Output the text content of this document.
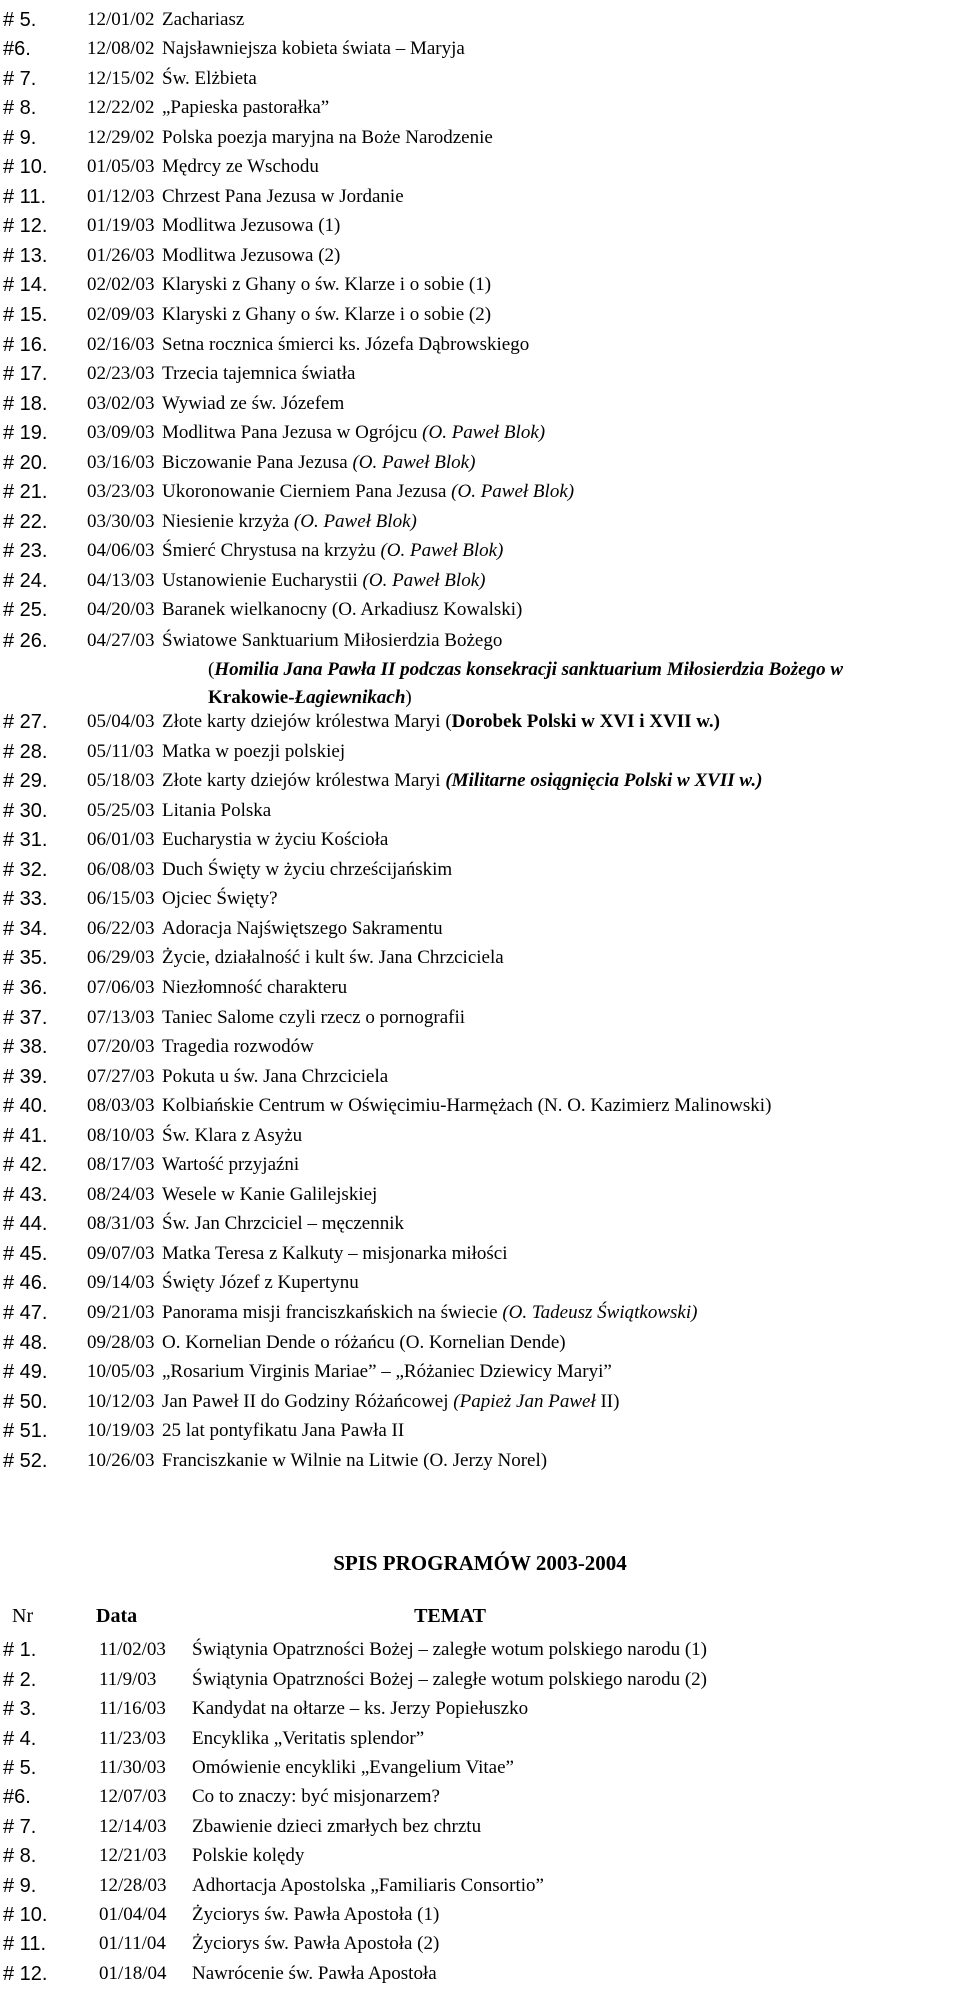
# 5.	12/01/02 Zachariasz
#6.	12/08/02 Najsławniejsza kobieta świata – Maryja
# 7.	12/15/02 Św. Elżbieta
# 8.	12/22/02 „Papieska pastorałka”
# 9.	12/29/02 Polska poezja maryjna na Boże Narodzenie
# 10.	01/05/03 Mędrcy ze Wschodu
# 11.	01/12/03 Chrzest Pana Jezusa w Jordanie
# 12.	01/19/03 Modlitwa Jezusowa (1)
# 13.	01/26/03 Modlitwa Jezusowa (2)
# 14.	02/02/03 Klaryski z Ghany o św. Klarze i o sobie (1)
# 15.	02/09/03 Klaryski z Ghany o św. Klarze i o sobie (2)
# 16.	02/16/03 Setna rocznica śmierci ks. Józefa Dąbrowskiego
# 17.	02/23/03 Trzecia tajemnica światła
# 18.	03/02/03 Wywiad ze św. Józefem
# 19.	03/09/03 Modlitwa Pana Jezusa w Ogrójcu (O. Paweł Blok)
# 20.	03/16/03 Biczowanie Pana Jezusa (O. Paweł Blok)
# 21.	03/23/03 Ukoronowanie Cierniem Pana Jezusa (O. Paweł Blok)
# 22.	03/30/03 Niesienie krzyża (O. Paweł Blok)
# 23.	04/06/03 Śmierć Chrystusa na krzyżu (O. Paweł Blok)
# 24.	04/13/03 Ustanowienie Eucharystii (O. Paweł Blok)
# 25.	04/20/03 Baranek wielkanocny (O. Arkadiusz Kowalski)
# 26.	04/27/03 Światowe Sanktuarium Miłosierdzia Bożego
(Homilia Jana Pawła II podczas konsekracji sanktuarium Miłosierdzia Bożego w
Krakowie-Łagiewnikach)
# 27.	05/04/03 Złote karty dziejów królestwa Maryi (Dorobek Polski w XVI i XVII w.)
# 28.	05/11/03 Matka w poezji polskiej
# 29.	05/18/03 Złote karty dziejów królestwa Maryi (Militarne osiągnięcia Polski w XVII w.)
# 30.	05/25/03 Litania Polska
# 31.	06/01/03 Eucharystia w życiu Kościoła
# 32.	06/08/03 Duch Święty w życiu chrześcijańskim
# 33.	06/15/03 Ojciec Święty?
# 34.	06/22/03 Adoracja Najświętszego Sakramentu
# 35.	06/29/03 Życie, działalność i kult św. Jana Chrzciciela
# 36.	07/06/03 Niezłomność charakteru
# 37.	07/13/03 Taniec Salome czyli rzecz o pornografii
# 38.	07/20/03 Tragedia rozwodów
# 39.	07/27/03 Pokuta u św. Jana Chrzciciela
# 40.	08/03/03 Kolbiańskie Centrum w Oświęcimiu-Harmężach (N. O. Kazimierz Malinowski)
# 41.	08/10/03 Św. Klara z Asyżu
# 42.	08/17/03 Wartość przyjaźni
# 43.	08/24/03 Wesele w Kanie Galilejskiej
# 44.	08/31/03 Św. Jan Chrzciciel – męczennik
# 45.	09/07/03 Matka Teresa z Kalkuty – misjonarka miłości
# 46.	09/14/03 Święty Józef z Kupertynu
# 47.	09/21/03 Panorama misji franciszkańskich na świecie (O. Tadeusz Świątkowski)
# 48.	09/28/03 O. Kornelian Dende o różańcu (O. Kornelian Dende)
# 49.	10/05/03 „Rosarium Virginis Mariae” – „Różaniec Dziewicy Maryi”
# 50.	10/12/03 Jan Paweł II do Godziny Różańcowej (Papież Jan Paweł II)
# 51.	10/19/03 25 lat pontyfikatu Jana Pawła II
# 52.	10/26/03 Franciszkanie w Wilnie na Litwie (O. Jerzy Norel)
SPIS PROGRAMÓW 2003-2004
Nr	Data	TEMAT
# 1.	11/02/03	Świątynia Opatrzności Bożej – zaległe wotum polskiego narodu (1)
# 2.	11/9/03	Świątynia Opatrzności Bożej – zaległe wotum polskiego narodu (2)
# 3.	11/16/03	Kandydat na ołtarze – ks. Jerzy Popiełuszko
# 4.	11/23/03	Encyklika „Veritatis splendor”
# 5.	11/30/03	Omówienie encykliki „Evangelium Vitae”
#6.	12/07/03	Co to znaczy: być misjonarzem?
# 7.	12/14/03	Zbawienie dzieci zmarłych bez chrztu
# 8.	12/21/03	Polskie kolędy
# 9.	12/28/03	Adhortacja Apostolska „Familiaris Consortio”
# 10.	01/04/04	Życiorys św. Pawła Apostoła (1)
# 11.	01/11/04	Życiorys św. Pawła Apostoła (2)
# 12.	01/18/04	Nawrócenie św. Pawła Apostoła
